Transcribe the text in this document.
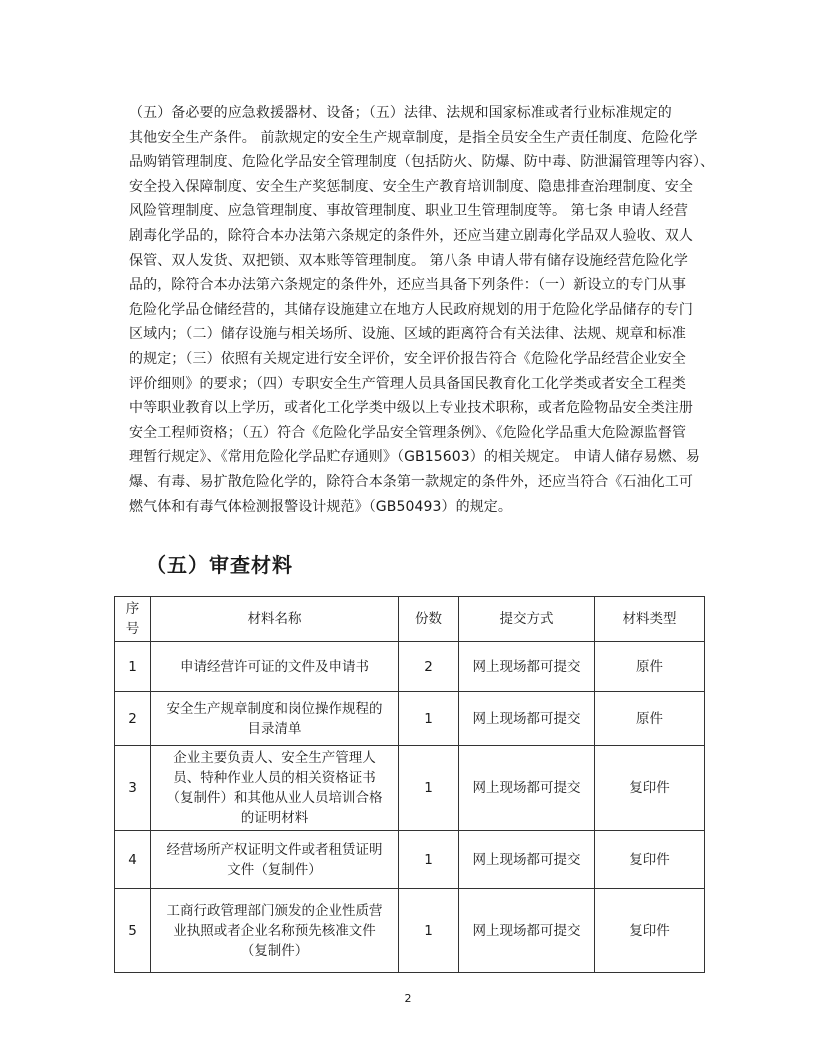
（五）备必要的应急救援器材、设备；（五）法律、法规和国家标准或者行业标准规定的
其他安全生产条件。 前款规定的安全生产规章制度，是指全员安全生产责任制度、危险化学
品购销管理制度、危险化学品安全管理制度（包括防火、防爆、防中毒、防泄漏管理等内容）、
安全投入保障制度、安全生产奖惩制度、安全生产教育培训制度、隐患排查治理制度、安全
风险管理制度、应急管理制度、事故管理制度、职业卫生管理制度等。 第七条 申请人经营
剧毒化学品的，除符合本办法第六条规定的条件外，还应当建立剧毒化学品双人验收、双人
保管、双人发货、双把锁、双本账等管理制度。 第八条 申请人带有储存设施经营危险化学
品的，除符合本办法第六条规定的条件外，还应当具备下列条件：（一）新设立的专门从事
危险化学品仓储经营的，其储存设施建立在地方人民政府规划的用于危险化学品储存的专门
区域内；（二）储存设施与相关场所、设施、区域的距离符合有关法律、法规、规章和标准
的规定；（三）依照有关规定进行安全评价，安全评价报告符合《危险化学品经营企业安全
评价细则》的要求；（四）专职安全生产管理人员具备国民教育化工化学类或者安全工程类
中等职业教育以上学历，或者化工化学类中级以上专业技术职称，或者危险物品安全类注册
安全工程师资格；（五）符合《危险化学品安全管理条例》、《危险化学品重大危险源监督管
理暂行规定》、《常用危险化学品贮存通则》（GB15603）的相关规定。 申请人储存易燃、易
爆、有毒、易扩散危险化学的，除符合本条第一款规定的条件外，还应当符合《石油化工可
燃气体和有毒气体检测报警设计规范》（GB50493）的规定。
（五）审查材料
序号	材料名称	份数	提交方式	材料类型
1	申请经营许可证的文件及申请书	2	网上现场都可提交	原件
2	安全生产规章制度和岗位操作规程的目录清单	1	网上现场都可提交	原件
3	企业主要负责人、安全生产管理人员、特种作业人员的相关资格证书（复制件）和其他从业人员培训合格的证明材料	1	网上现场都可提交	复印件
4	经营场所产权证明文件或者租赁证明文件（复制件）	1	网上现场都可提交	复印件
5	工商行政管理部门颁发的企业性质营业执照或者企业名称预先核准文件（复制件）	1	网上现场都可提交	复印件
2
